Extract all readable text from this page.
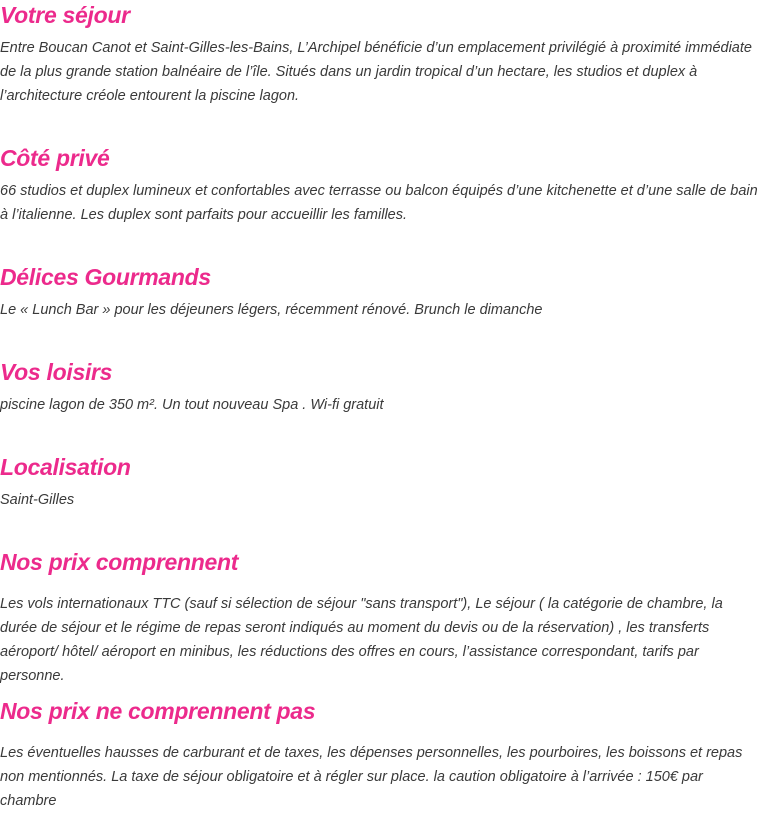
Votre séjour

Entre Boucan Canot et Saint-Gilles-les-Bains, L’Archipel bénéficie d’un emplacement privilégié à proximité immédiate de la plus grande station balnéaire de l’île. Situés dans un jardin tropical d’un hectare, les studios et duplex à l’architecture créole entourent la piscine lagon.

Côté privé

66 studios et duplex lumineux et confortables avec terrasse ou balcon équipés d’une kitchenette et d’une salle de bain à l’italienne. Les duplex sont parfaits pour accueillir les familles.

Délices Gourmands

Le « Lunch Bar » pour les déjeuners légers, récemment rénové. Brunch le dimanche

Vos loisirs

piscine lagon de 350 m². Un tout nouveau Spa . Wi-fi gratuit

Localisation

Saint-Gilles

Nos prix comprennent

Les vols internationaux TTC (sauf si sélection de séjour "sans transport"), Le séjour ( la catégorie de chambre, la durée de séjour et le régime de repas seront indiqués au moment du devis ou de la réservation) , les transferts aéroport/ hôtel/ aéroport en minibus, les réductions des offres en cours, l’assistance correspondant, tarifs par personne.

Nos prix ne comprennent pas

Les éventuelles hausses de carburant et de taxes, les dépenses personnelles, les pourboires, les boissons et repas non mentionnés. La taxe de séjour obligatoire et à régler sur place. la caution obligatoire à l’arrivée : 150€ par chambre
